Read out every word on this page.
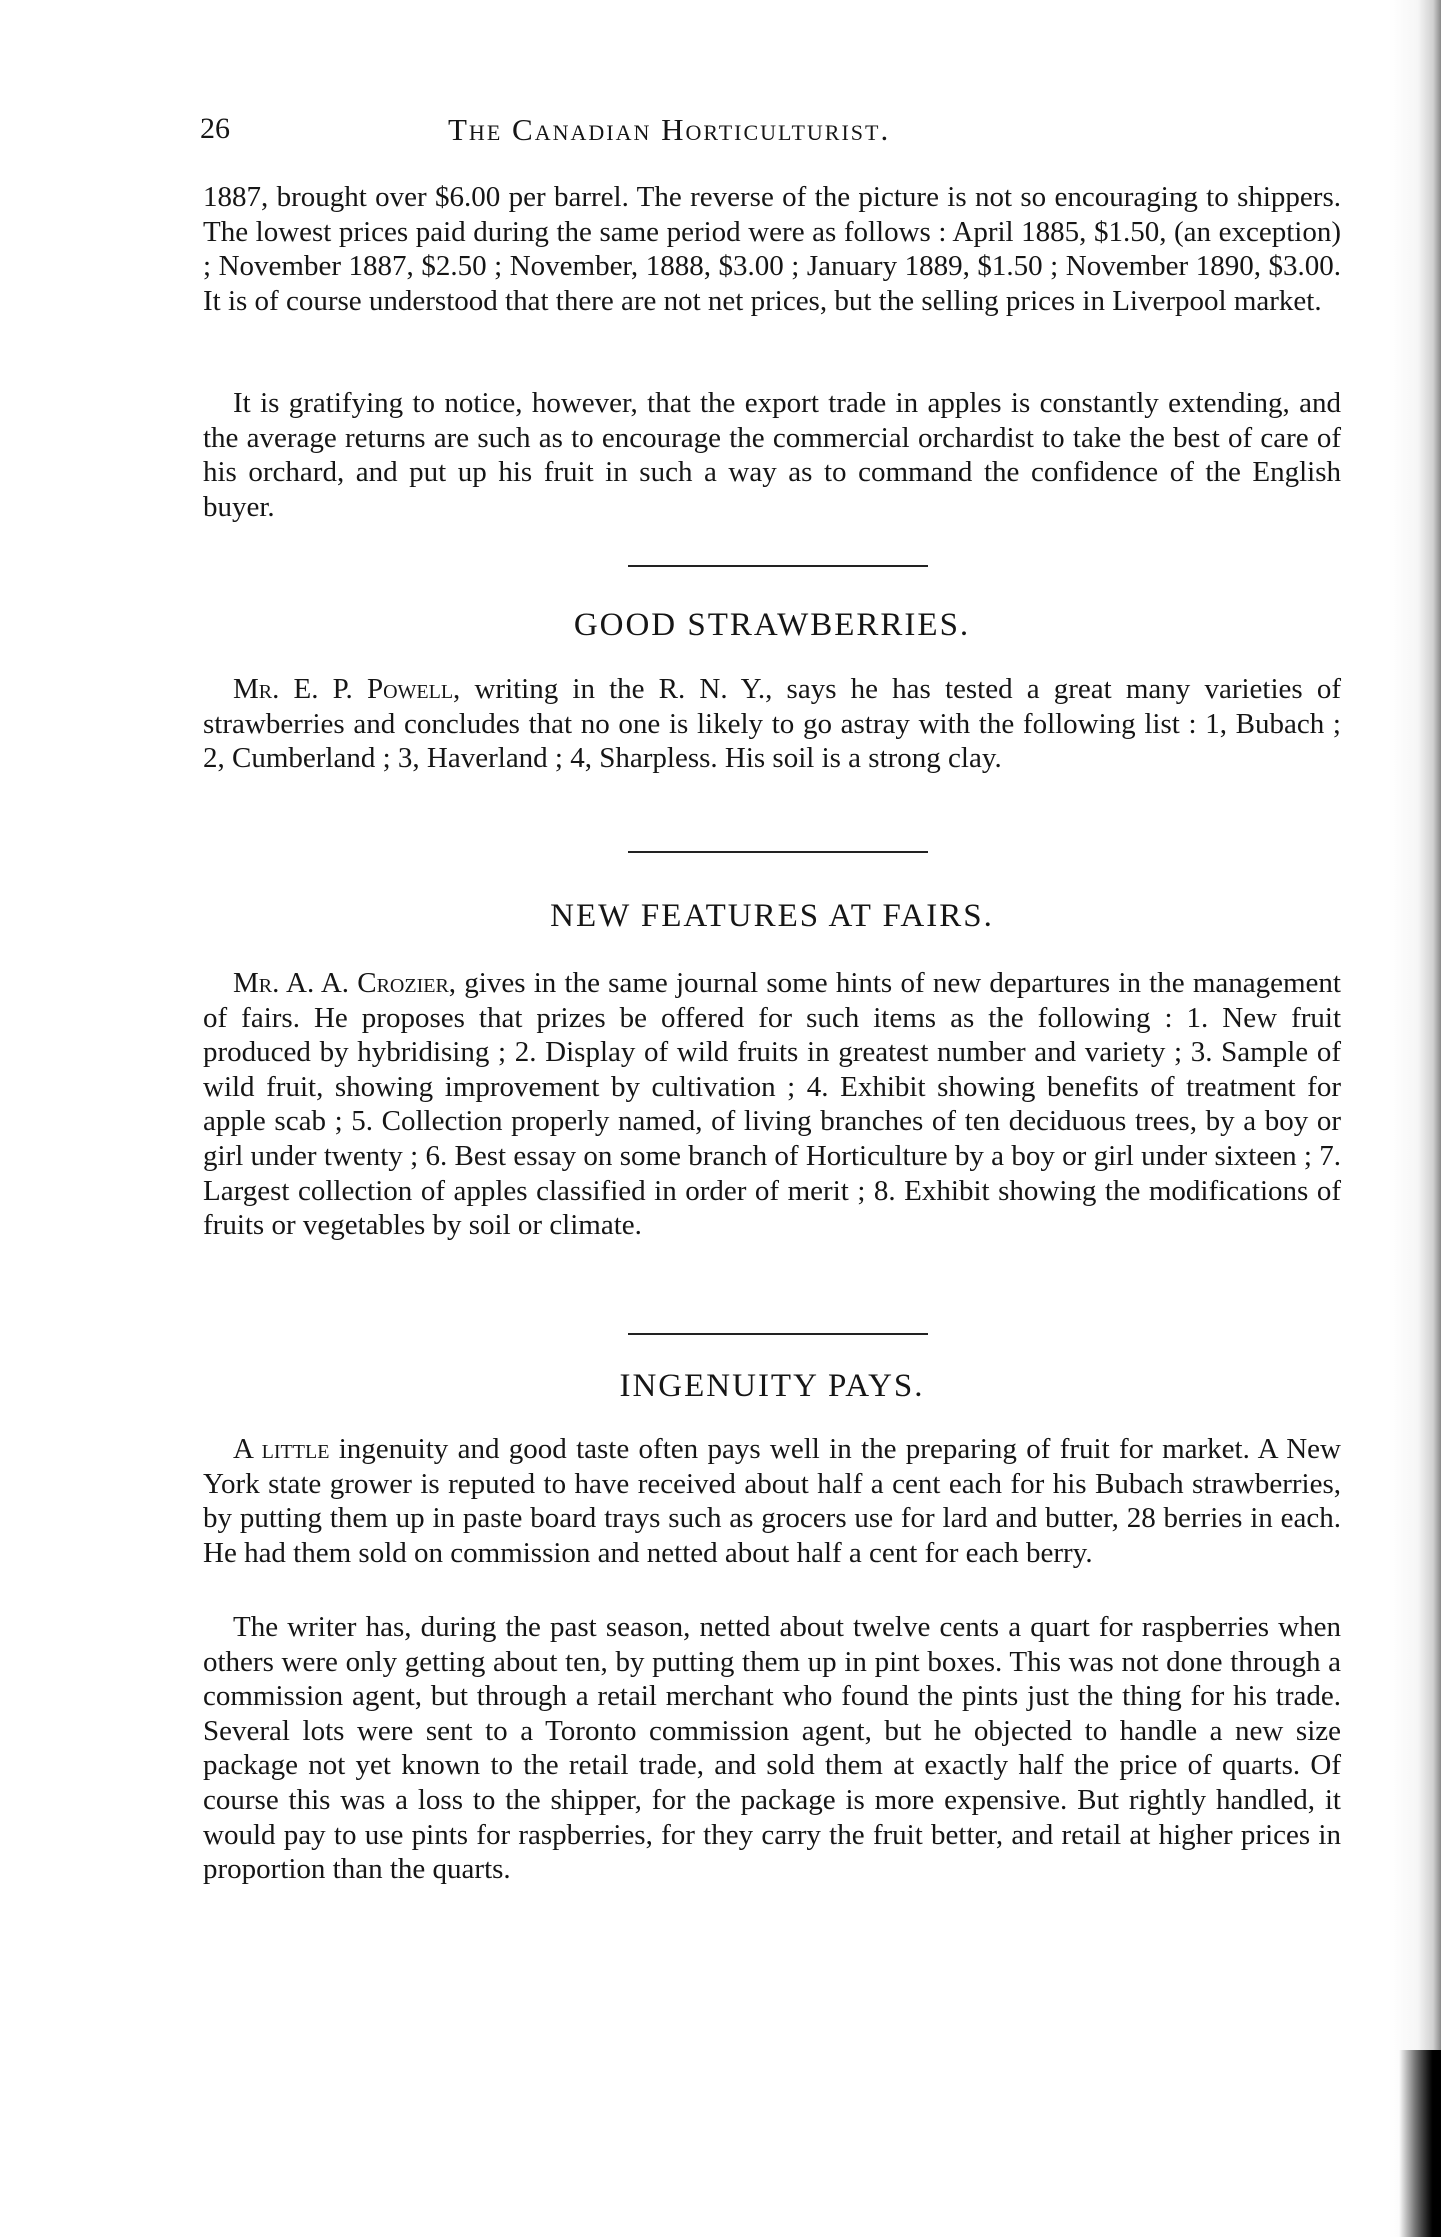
26	The Canadian Horticulturist.

1887, brought over $6.00 per barrel. The reverse of the picture is not so encouraging to shippers. The lowest prices paid during the same period were as follows : April 1885, $1.50, (an exception) ; November 1887, $2.50 ; November, 1888, $3.00 ; January 1889, $1.50 ; November 1890, $3.00. It is of course understood that there are not net prices, but the selling prices in Liverpool market.

It is gratifying to notice, however, that the export trade in apples is constantly extending, and the average returns are such as to encourage the commercial orchardist to take the best of care of his orchard, and put up his fruit in such a way as to command the confidence of the English buyer.

GOOD STRAWBERRIES.

Mr. E. P. Powell, writing in the R. N. Y., says he has tested a great many varieties of strawberries and concludes that no one is likely to go astray with the following list : 1, Bubach ; 2, Cumberland ; 3, Haverland ; 4, Sharpless. His soil is a strong clay.

NEW FEATURES AT FAIRS.

Mr. A. A. Crozier, gives in the same journal some hints of new departures in the management of fairs. He proposes that prizes be offered for such items as the following : 1. New fruit produced by hybridising ; 2. Display of wild fruits in greatest number and variety ; 3. Sample of wild fruit, showing improvement by cultivation ; 4. Exhibit showing benefits of treatment for apple scab ; 5. Collection properly named, of living branches of ten deciduous trees, by a boy or girl under twenty ; 6. Best essay on some branch of Horticulture by a boy or girl under sixteen ; 7. Largest collection of apples classified in order of merit ; 8. Exhibit showing the modifications of fruits or vegetables by soil or climate.

INGENUITY PAYS.

A little ingenuity and good taste often pays well in the preparing of fruit for market. A New York state grower is reputed to have received about half a cent each for his Bubach strawberries, by putting them up in paste board trays such as grocers use for lard and butter, 28 berries in each. He had them sold on commission and netted about half a cent for each berry.

The writer has, during the past season, netted about twelve cents a quart for raspberries when others were only getting about ten, by putting them up in pint boxes. This was not done through a commission agent, but through a retail merchant who found the pints just the thing for his trade. Several lots were sent to a Toronto commission agent, but he objected to handle a new size package not yet known to the retail trade, and sold them at exactly half the price of quarts. Of course this was a loss to the shipper, for the package is more expensive. But rightly handled, it would pay to use pints for raspberries, for they carry the fruit better, and retail at higher prices in proportion than the quarts.
